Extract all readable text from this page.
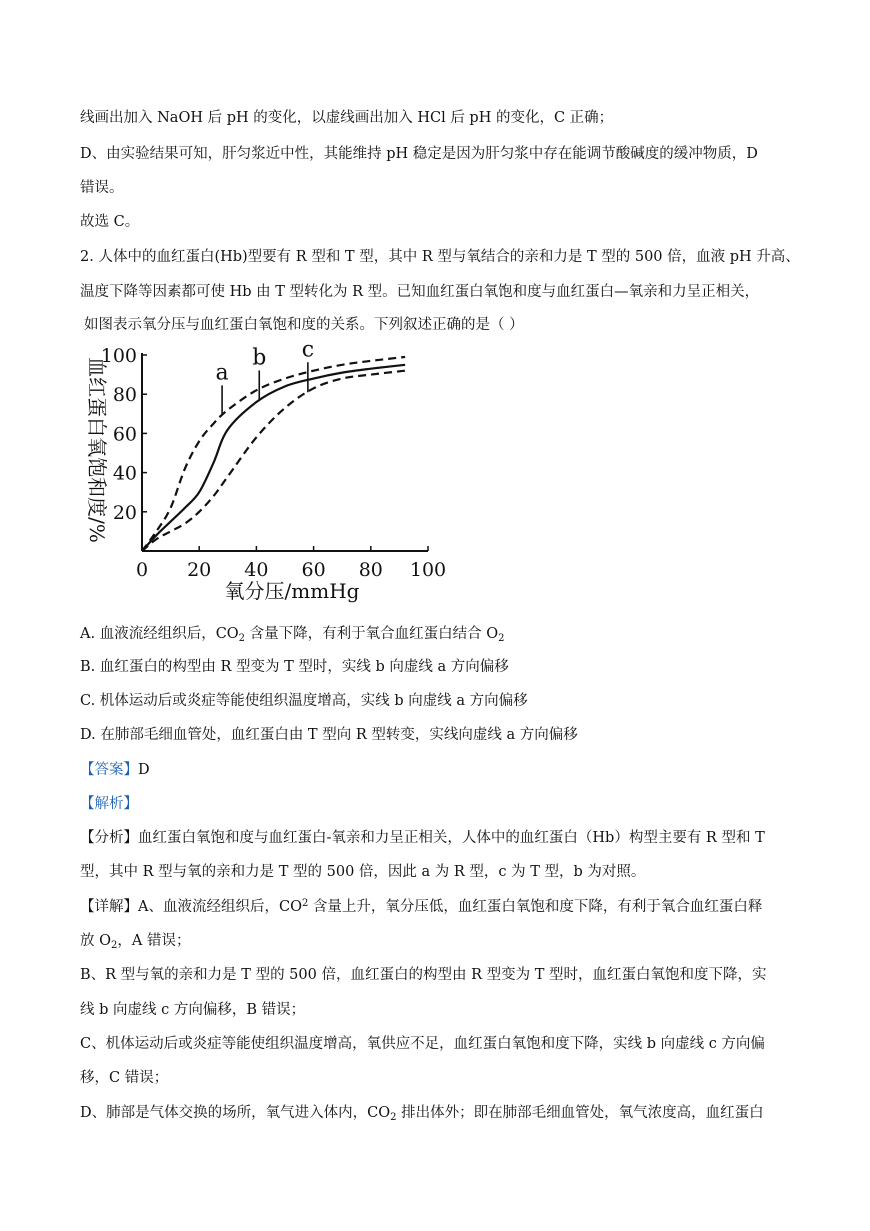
线画出加入 NaOH 后 pH 的变化，以虚线画出加入 HCl 后 pH 的变化，C 正确；
D、由实验结果可知，肝匀浆近中性，其能维持 pH 稳定是因为肝匀浆中存在能调节酸碱度的缓冲物质，D
错误。
故选 C。
2. 人体中的血红蛋白(Hb)型要有 R 型和 T 型，其中 R 型与氧结合的亲和力是 T 型的 500 倍，血液 pH 升高、
温度下降等因素都可使 Hb 由 T 型转化为 R 型。已知血红蛋白氧饱和度与血红蛋白—氧亲和力呈正相关，
如图表示氧分压与血红蛋白氧饱和度的关系。下列叙述正确的是（ ）
0 20 40 60 80 100
20
40
60
80
100
a
b c
氧分压/mmHg
血红蛋白氧饱和度/%
A. 血液流经组织后，$CO_2$ 含量下降，有利于氧合血红蛋白结合 $O_2$
B. 血红蛋白的构型由 R 型变为 T 型时，实线 b 向虚线 a 方向偏移
C. 机体运动后或炎症等能使组织温度增高，实线 b 向虚线 a 方向偏移
D. 在肺部毛细血管处，血红蛋白由 T 型向 R 型转变，实线向虚线 a 方向偏移
【答案】D
【解析】
【分析】血红蛋白氧饱和度与血红蛋白-氧亲和力呈正相关，人体中的血红蛋白（Hb）构型主要有 R 型和 T
型，其中 R 型与氧的亲和力是 T 型的 500 倍，因此 a 为 R 型，c 为 T 型，b 为对照。
【详解】A、血液流经组织后，$CO^2$ 含量上升，氧分压低，血红蛋白氧饱和度下降，有利于氧合血红蛋白释
放 $O_2$，A 错误；
B、R 型与氧的亲和力是 T 型的 500 倍，血红蛋白的构型由 R 型变为 T 型时，血红蛋白氧饱和度下降，实
线 b 向虚线 c 方向偏移，B 错误；
C、机体运动后或炎症等能使组织温度增高，氧供应不足，血红蛋白氧饱和度下降，实线 b 向虚线 c 方向偏
移，C 错误；
D、肺部是气体交换的场所，氧气进入体内，$CO_2$ 排出体外；即在肺部毛细血管处，氧气浓度高，血红蛋白
